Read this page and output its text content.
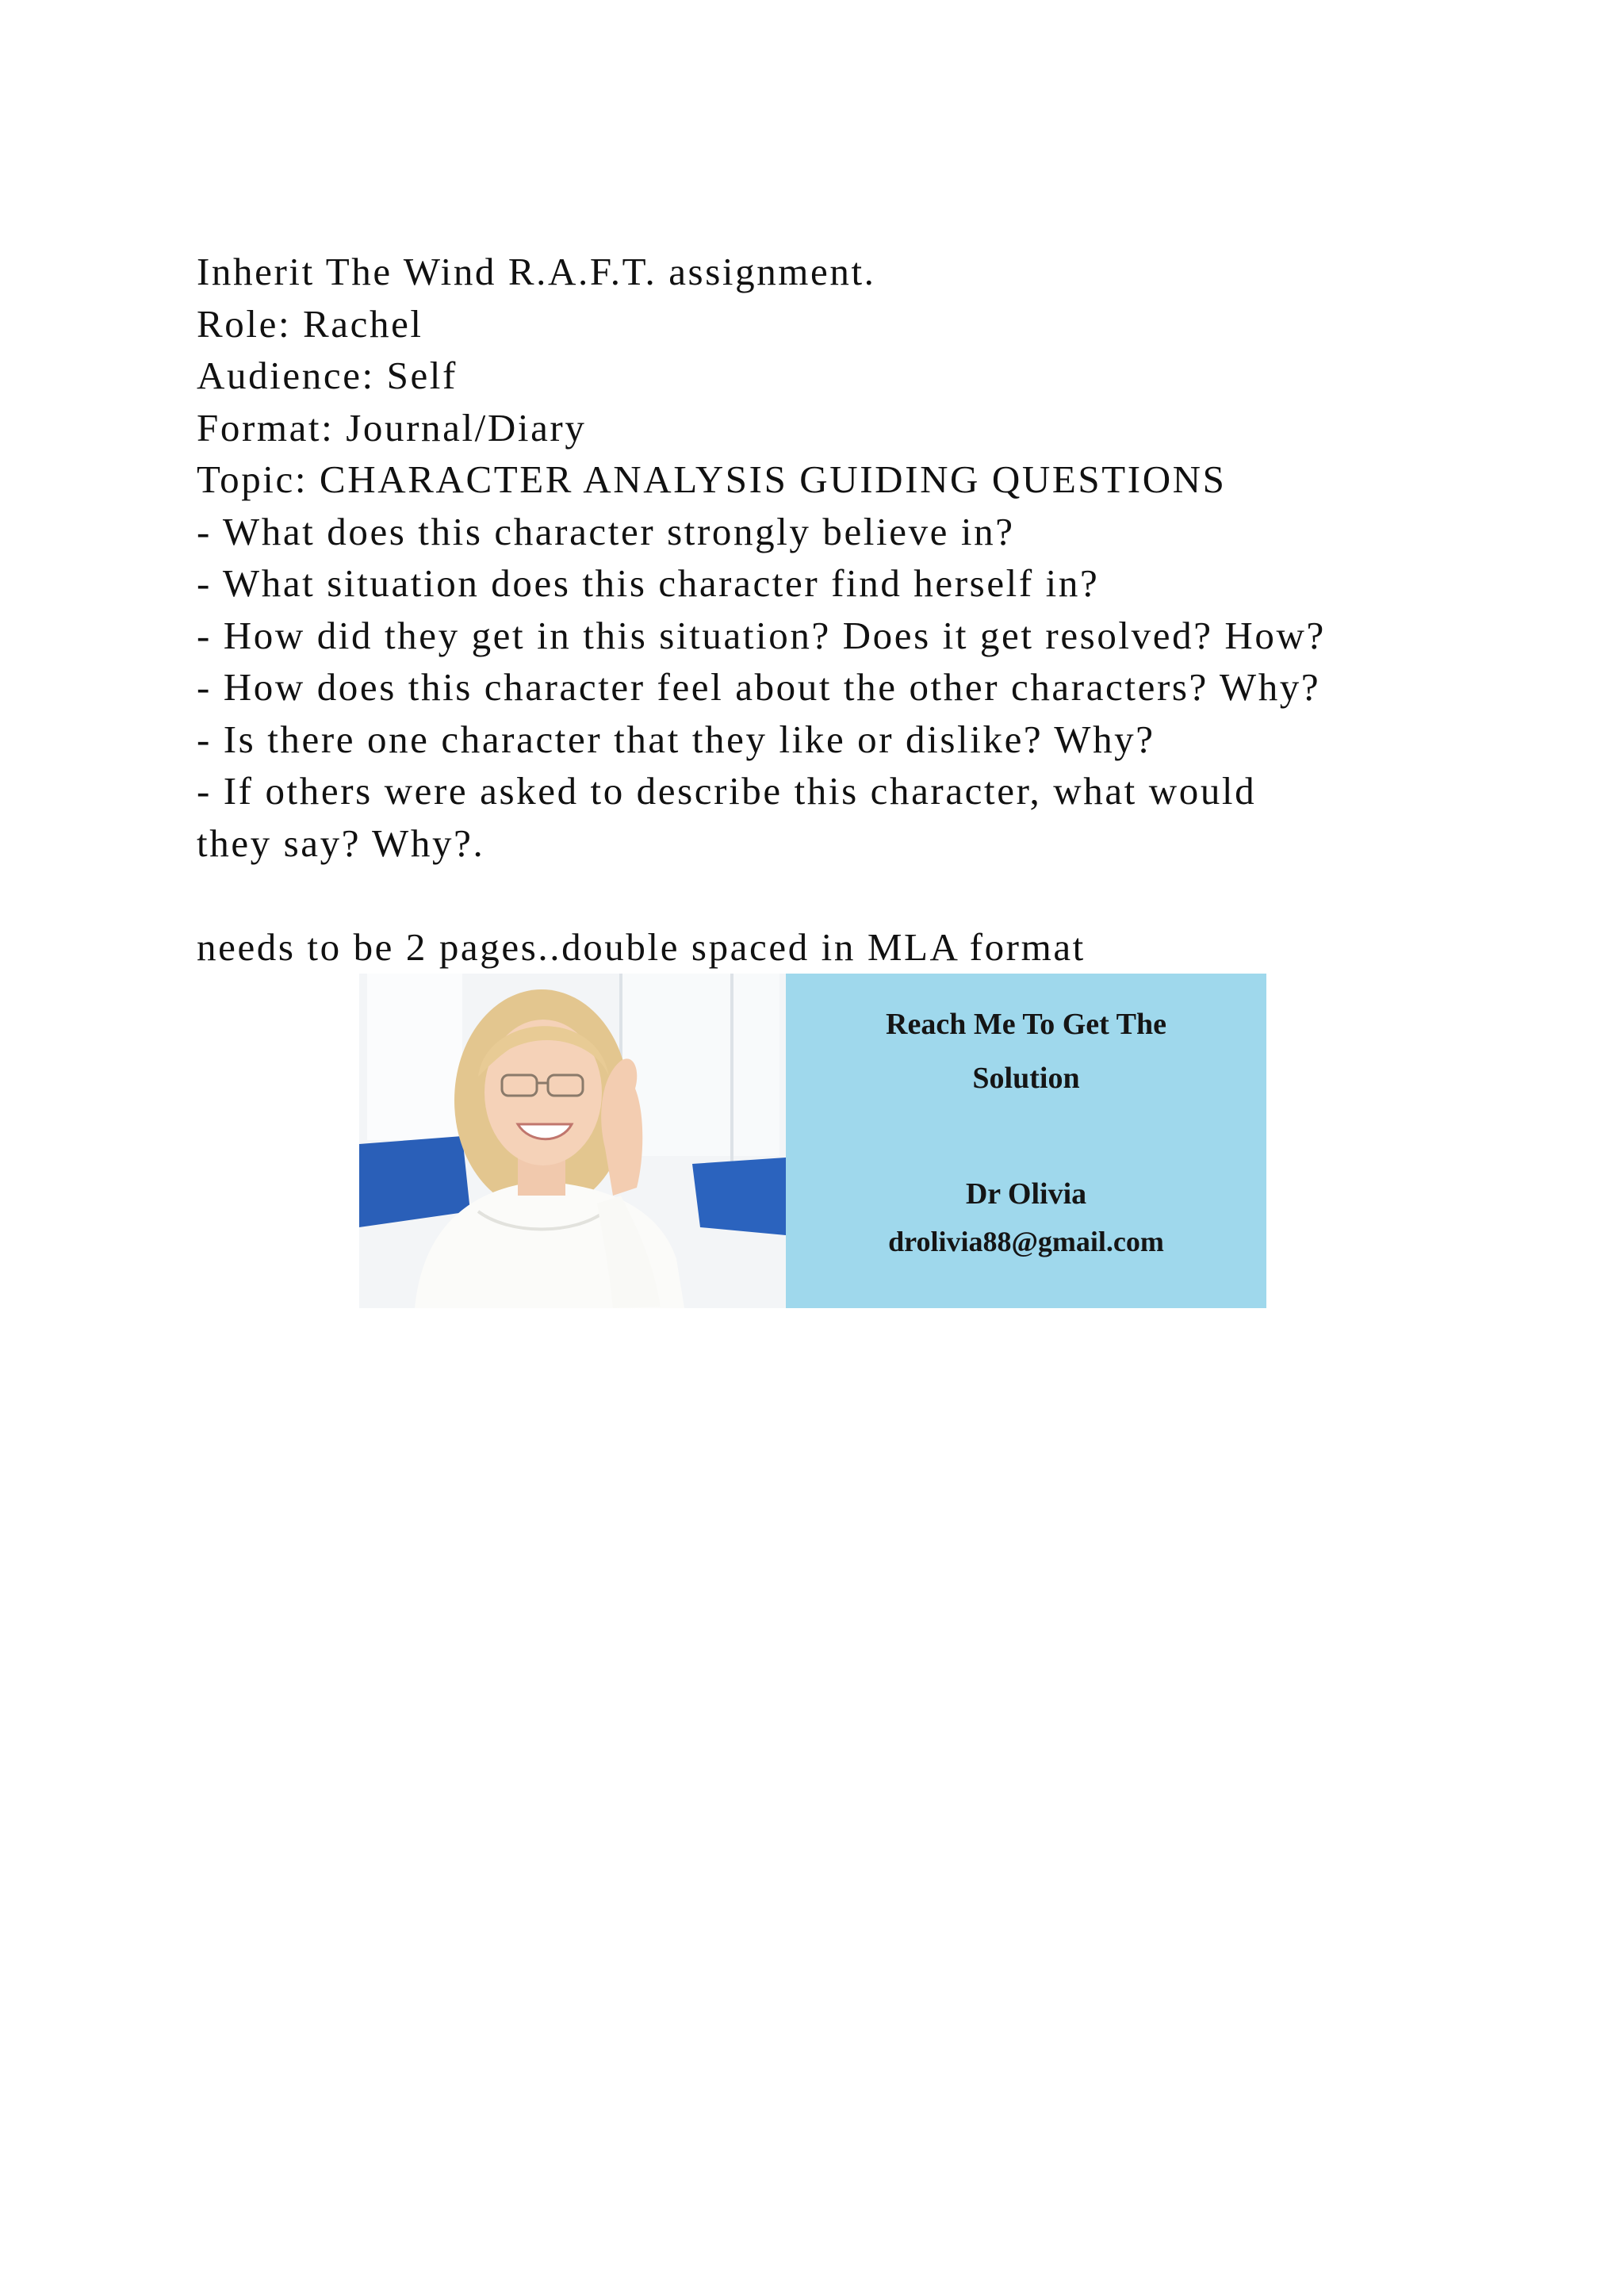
Inherit The Wind R.A.F.T. assignment.
Role: Rachel
Audience: Self
Format: Journal/Diary
Topic: CHARACTER ANALYSIS GUIDING QUESTIONS
- What does this character strongly believe in?
- What situation does this character find herself in?
- How did they get in this situation? Does it get resolved? How?
- How does this character feel about the other characters? Why?
- Is there one character that they like or dislike? Why?
- If others were asked to describe this character, what would
they say? Why?.
needs to be 2 pages..double spaced in MLA format
Reach Me To Get The
Solution
Dr Olivia
drolivia88@gmail.com
